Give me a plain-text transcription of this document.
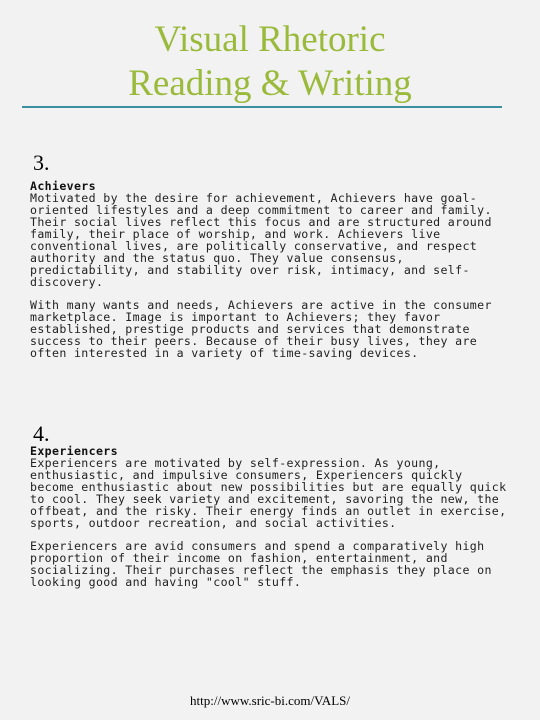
Visual Rhetoric
Reading & Writing
3.

Achievers

Motivated by the desire for achievement, Achievers have goal-oriented lifestyles and a deep commitment to career and family. Their social lives reflect this focus and are structured around family, their place of worship, and work. Achievers live conventional lives, are politically conservative, and respect authority and the status quo. They value consensus, predictability, and stability over risk, intimacy, and self-discovery.

With many wants and needs, Achievers are active in the consumer marketplace. Image is important to Achievers; they favor established, prestige products and services that demonstrate success to their peers. Because of their busy lives, they are often interested in a variety of time-saving devices.

4.

Experiencers

Experiencers are motivated by self-expression. As young, enthusiastic, and impulsive consumers, Experiencers quickly become enthusiastic about new possibilities but are equally quick to cool. They seek variety and excitement, savoring the new, the offbeat, and the risky. Their energy finds an outlet in exercise, sports, outdoor recreation, and social activities.

Experiencers are avid consumers and spend a comparatively high proportion of their income on fashion, entertainment, and socializing. Their purchases reflect the emphasis they place on looking good and having "cool" stuff.

http://www.sric-bi.com/VALS/
